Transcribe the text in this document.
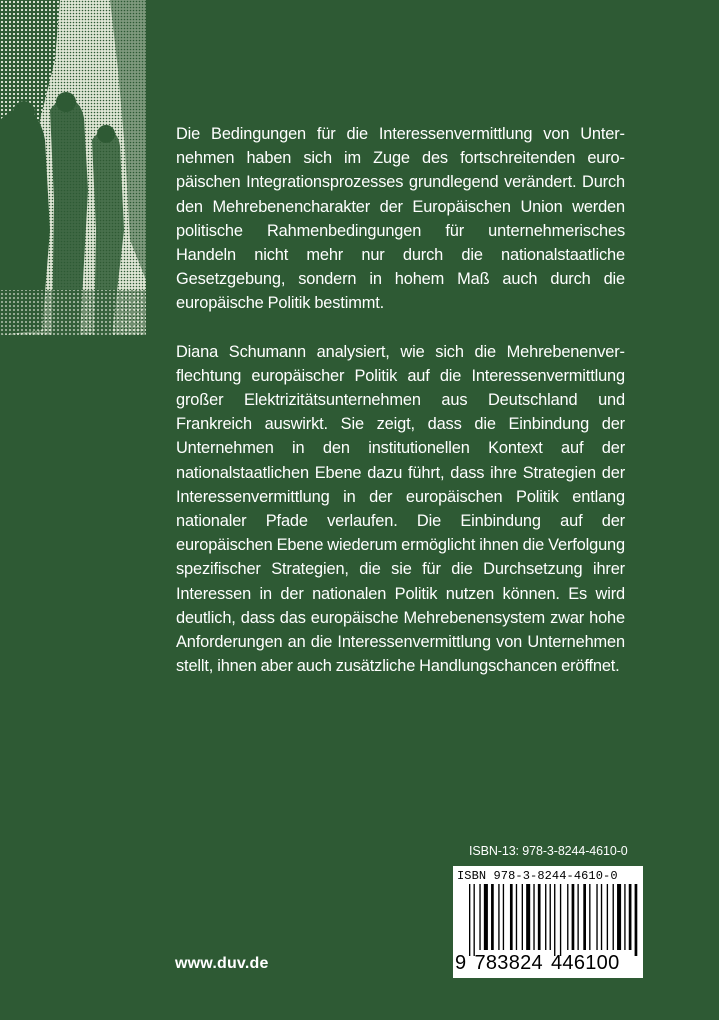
Die Bedingungen für die Interessenvermittlung von Unternehmen haben sich im Zuge des fortschreitenden europäischen Integrationsprozesses grundlegend verändert. Durch den Mehrebenencharakter der Europäischen Union werden politische Rahmenbedingungen für unternehmerisches Handeln nicht mehr nur durch die nationalstaatliche Gesetzgebung, sondern in hohem Maß auch durch die europäische Politik bestimmt.

Diana Schumann analysiert, wie sich die Mehrebenenverflechtung europäischer Politik auf die Interessenvermittlung großer Elektrizitätsunternehmen aus Deutschland und Frankreich auswirkt. Sie zeigt, dass die Einbindung der Unternehmen in den institutionellen Kontext auf der nationalstaatlichen Ebene dazu führt, dass ihre Strategien der Interessenvermittlung in der europäischen Politik entlang nationaler Pfade verlaufen. Die Einbindung auf der europäischen Ebene wiederum ermöglicht ihnen die Verfolgung spezifischer Strategien, die sie für die Durchsetzung ihrer Interessen in der nationalen Politik nutzen können. Es wird deutlich, dass das europäische Mehrebenensystem zwar hohe Anforderungen an die Interessenvermittlung von Unternehmen stellt, ihnen aber auch zusätzliche Handlungschancen eröffnet.

ISBN-13: 978-3-8244-4610-0
ISBN 978-3-8244-4610-0
9 783824 446100
www.duv.de
